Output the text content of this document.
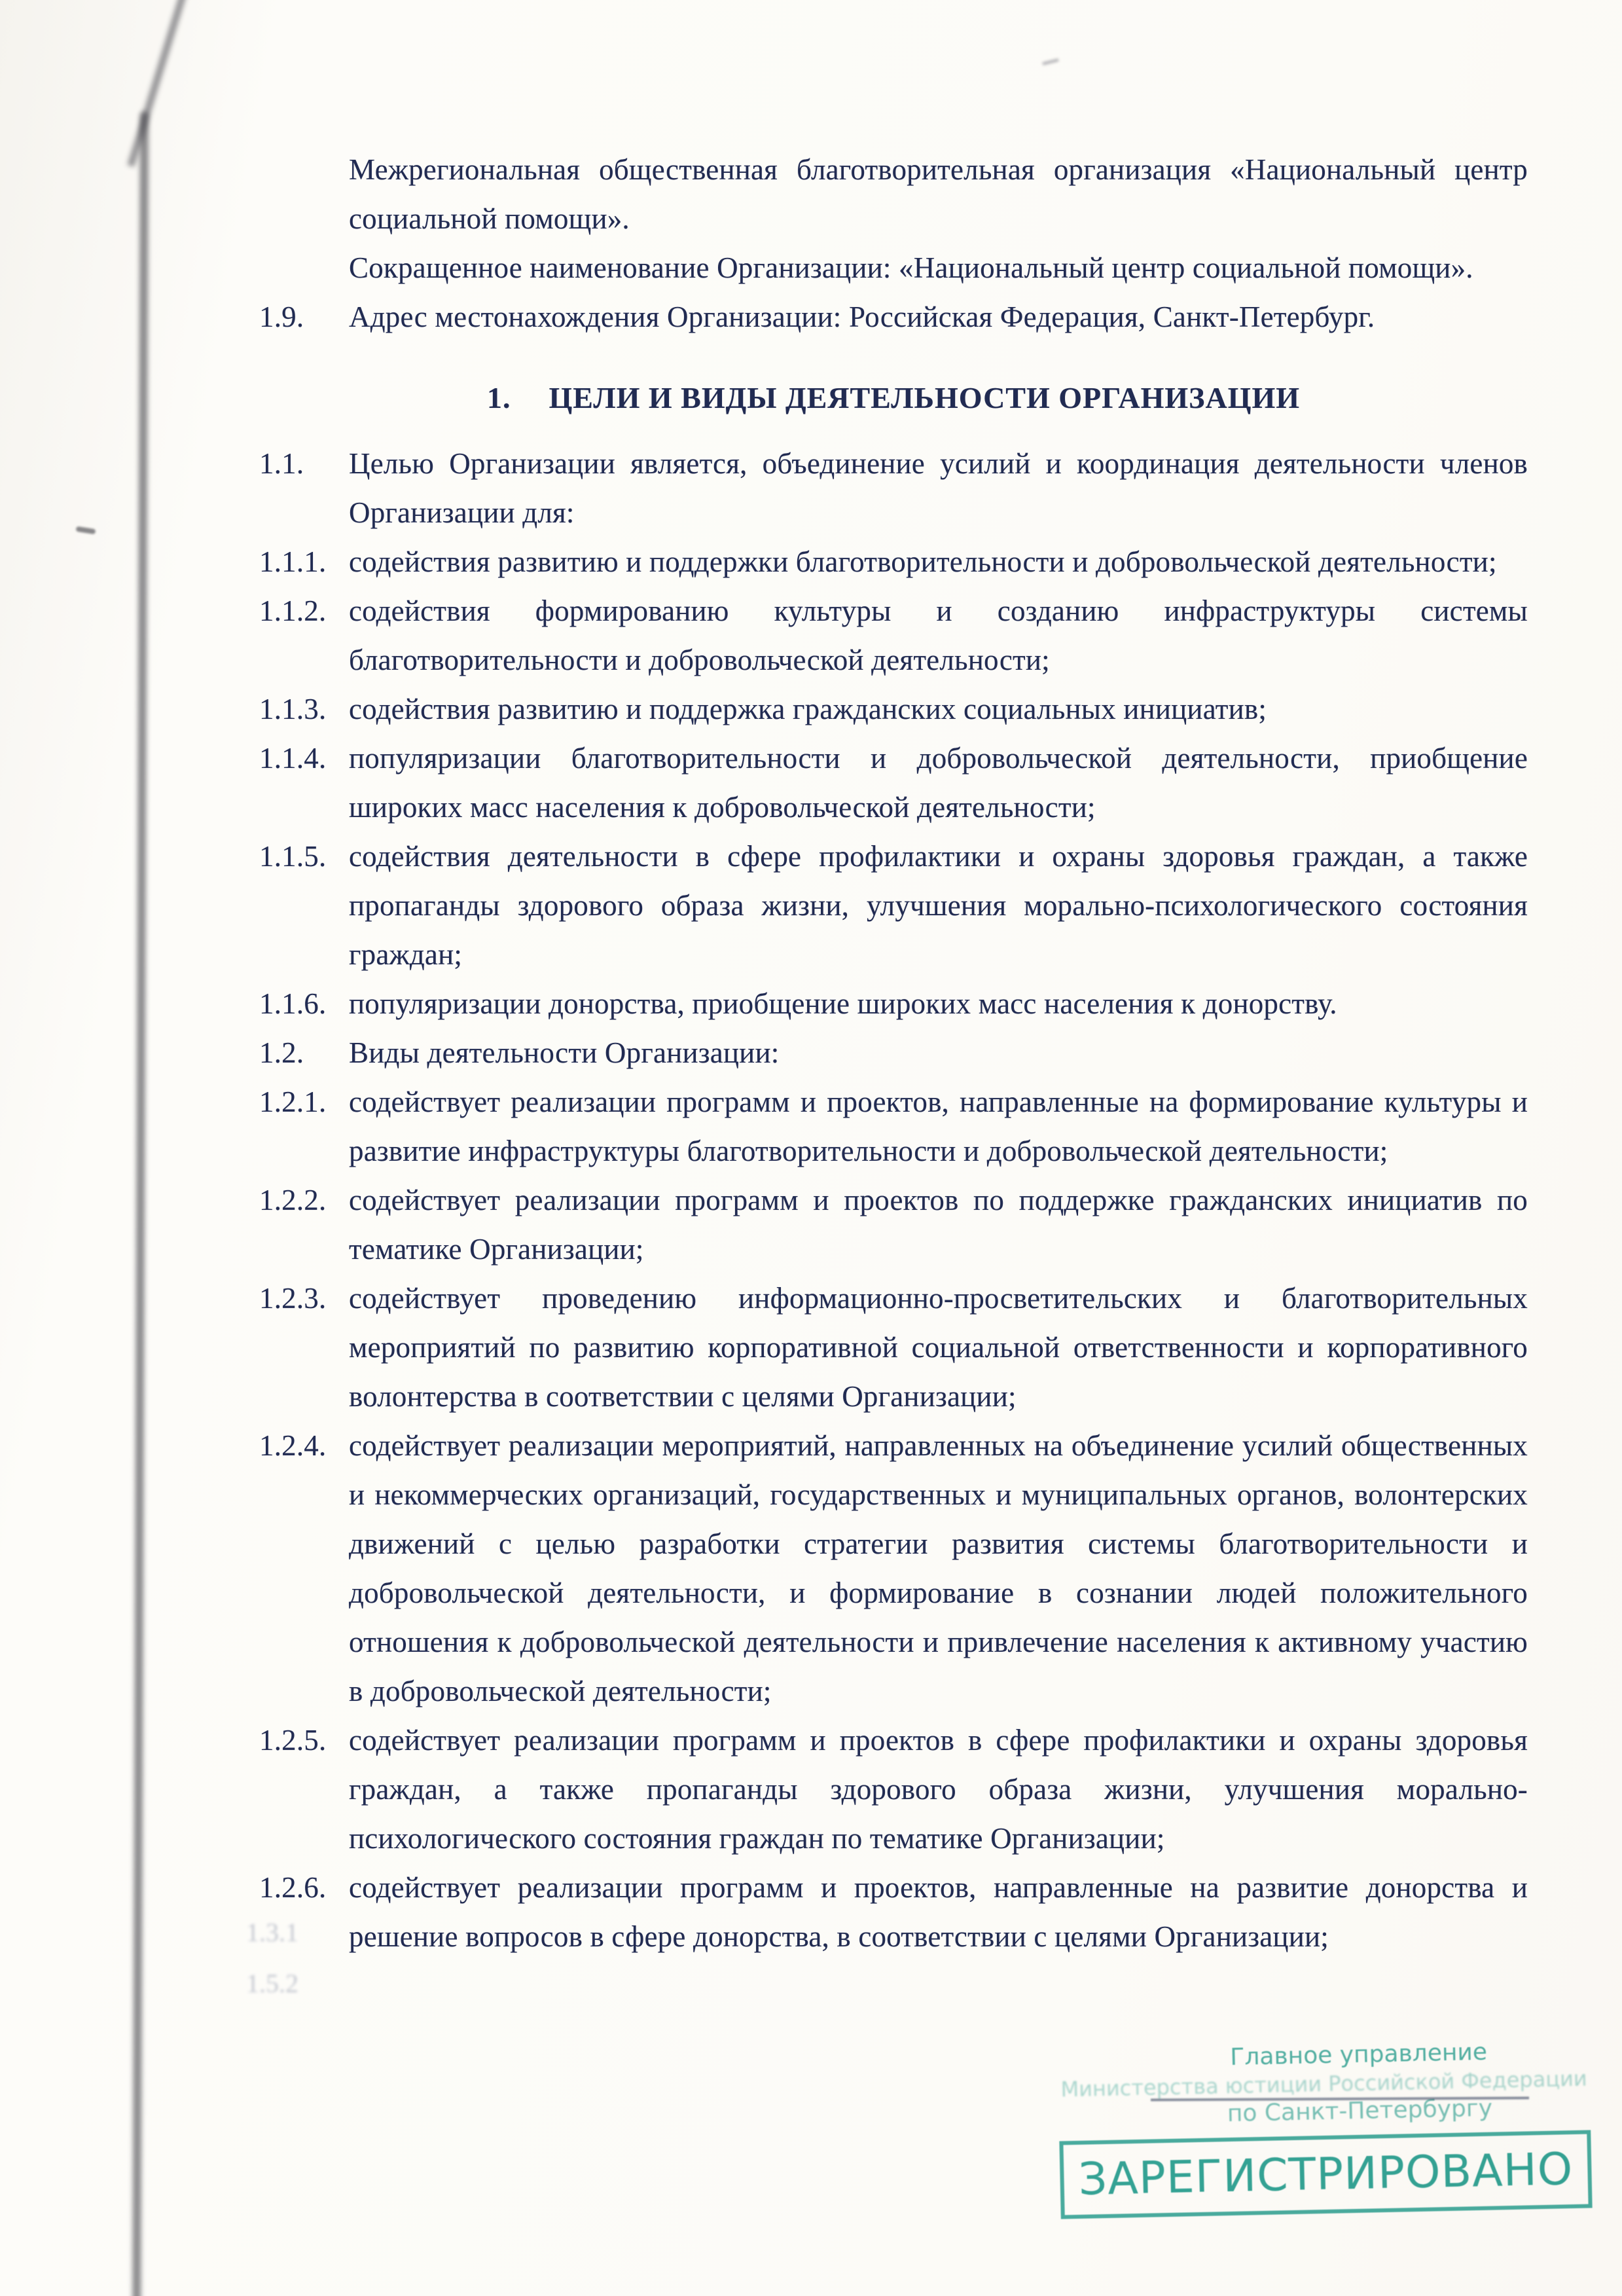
Межрегиональная общественная благотворительная организация «Национальный центр социальной помощи».

Сокращенное наименование Организации: «Национальный центр социальной помощи».

1.9.	Адрес местонахождения Организации: Российская Федерация, Санкт-Петербург.
1. ЦЕЛИ И ВИДЫ ДЕЯТЕЛЬНОСТИ ОРГАНИЗАЦИИ
1.1.	Целью Организации является, объединение усилий и координация деятельности членов Организации для:
1.1.1. содействия развитию и поддержки благотворительности и добровольческой деятельности;
1.1.2. содействия формированию культуры и созданию инфраструктуры системы благотворительности и добровольческой деятельности;
1.1.3. содействия развитию и поддержка гражданских социальных инициатив;
1.1.4. популяризации благотворительности и добровольческой деятельности, приобщение широких масс населения к добровольческой деятельности;
1.1.5. содействия деятельности в сфере профилактики и охраны здоровья граждан, а также пропаганды здорового образа жизни, улучшения морально-психологического состояния граждан;
1.1.6. популяризации донорства, приобщение широких масс населения к донорству.
1.2.	Виды деятельности Организации:
1.2.1. содействует реализации программ и проектов, направленные на формирование культуры и развитие инфраструктуры благотворительности и добровольческой деятельности;
1.2.2. содействует реализации программ и проектов по поддержке гражданских инициатив по тематике Организации;
1.2.3. содействует проведению информационно-просветительских и благотворительных мероприятий по развитию корпоративной социальной ответственности и корпоративного волонтерства в соответствии с целями Организации;
1.2.4. содействует реализации мероприятий, направленных на объединение усилий общественных и некоммерческих организаций, государственных и муниципальных органов, волонтерских движений с целью разработки стратегии развития системы благотворительности и добровольческой деятельности, и формирование в сознании людей положительного отношения к добровольческой деятельности и привлечение населения к активному участию в добровольческой деятельности;
1.2.5. содействует реализации программ и проектов в сфере профилактики и охраны здоровья граждан, а также пропаганды здорового образа жизни, улучшения морально-психологического состояния граждан по тематике Организации;
1.2.6. содействует реализации программ и проектов, направленные на развитие донорства и решение вопросов в сфере донорства, в соответствии с целями Организации;
1.3.1
1.5.2
Главное управление
Министерства юстиции Российской Федерации
по Санкт-Петербургу
ЗАРЕГИСТРИРОВАНО
